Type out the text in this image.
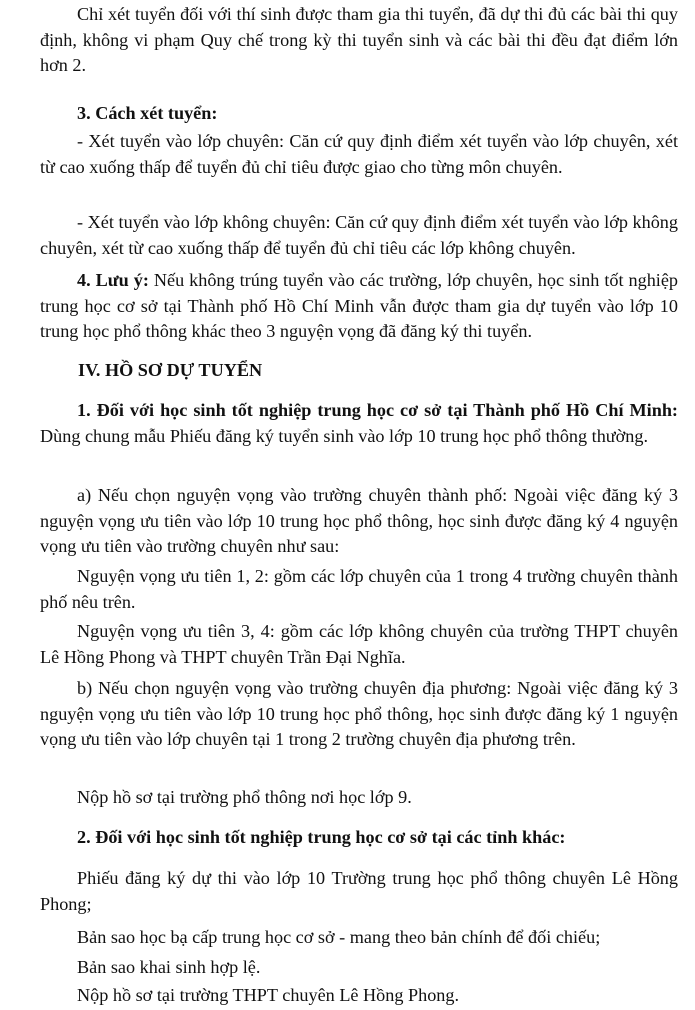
Chỉ xét tuyển đối với thí sinh được tham gia thi tuyển, đã dự thi đủ các bài thi quy định, không vi phạm Quy chế trong kỳ thi tuyển sinh và các bài thi đều đạt điểm lớn hơn 2.

3. Cách xét tuyển:

- Xét tuyển vào lớp chuyên: Căn cứ quy định điểm xét tuyển vào lớp chuyên, xét từ cao xuống thấp để tuyển đủ chỉ tiêu được giao cho từng môn chuyên.

- Xét tuyển vào lớp không chuyên: Căn cứ quy định điểm xét tuyển vào lớp không chuyên, xét từ cao xuống thấp để tuyển đủ chỉ tiêu các lớp không chuyên.

4. Lưu ý: Nếu không trúng tuyển vào các trường, lớp chuyên, học sinh tốt nghiệp trung học cơ sở tại Thành phố Hồ Chí Minh vẫn được tham gia dự tuyển vào lớp 10 trung học phổ thông khác theo 3 nguyện vọng đã đăng ký thi tuyển.

IV. HỒ SƠ DỰ TUYỂN

1. Đối với học sinh tốt nghiệp trung học cơ sở tại Thành phố Hồ Chí Minh: Dùng chung mẫu Phiếu đăng ký tuyển sinh vào lớp 10 trung học phổ thông thường.

a) Nếu chọn nguyện vọng vào trường chuyên thành phố: Ngoài việc đăng ký 3 nguyện vọng ưu tiên vào lớp 10 trung học phổ thông, học sinh được đăng ký 4 nguyện vọng ưu tiên vào trường chuyên như sau:

Nguyện vọng ưu tiên 1, 2: gồm các lớp chuyên của 1 trong 4 trường chuyên thành phố nêu trên.

Nguyện vọng ưu tiên 3, 4: gồm các lớp không chuyên của trường THPT chuyên Lê Hồng Phong và THPT chuyên Trần Đại Nghĩa.

b) Nếu chọn nguyện vọng vào trường chuyên địa phương: Ngoài việc đăng ký 3 nguyện vọng ưu tiên vào lớp 10 trung học phổ thông, học sinh được đăng ký 1 nguyện vọng ưu tiên vào lớp chuyên tại 1 trong 2 trường chuyên địa phương trên.

Nộp hồ sơ tại trường phổ thông nơi học lớp 9.

2. Đối với học sinh tốt nghiệp trung học cơ sở tại các tỉnh khác:

Phiếu đăng ký dự thi vào lớp 10 Trường trung học phổ thông chuyên Lê Hồng Phong;

Bản sao học bạ cấp trung học cơ sở - mang theo bản chính để đối chiếu;

Bản sao khai sinh hợp lệ.

Nộp hồ sơ tại trường THPT chuyên Lê Hồng Phong.
